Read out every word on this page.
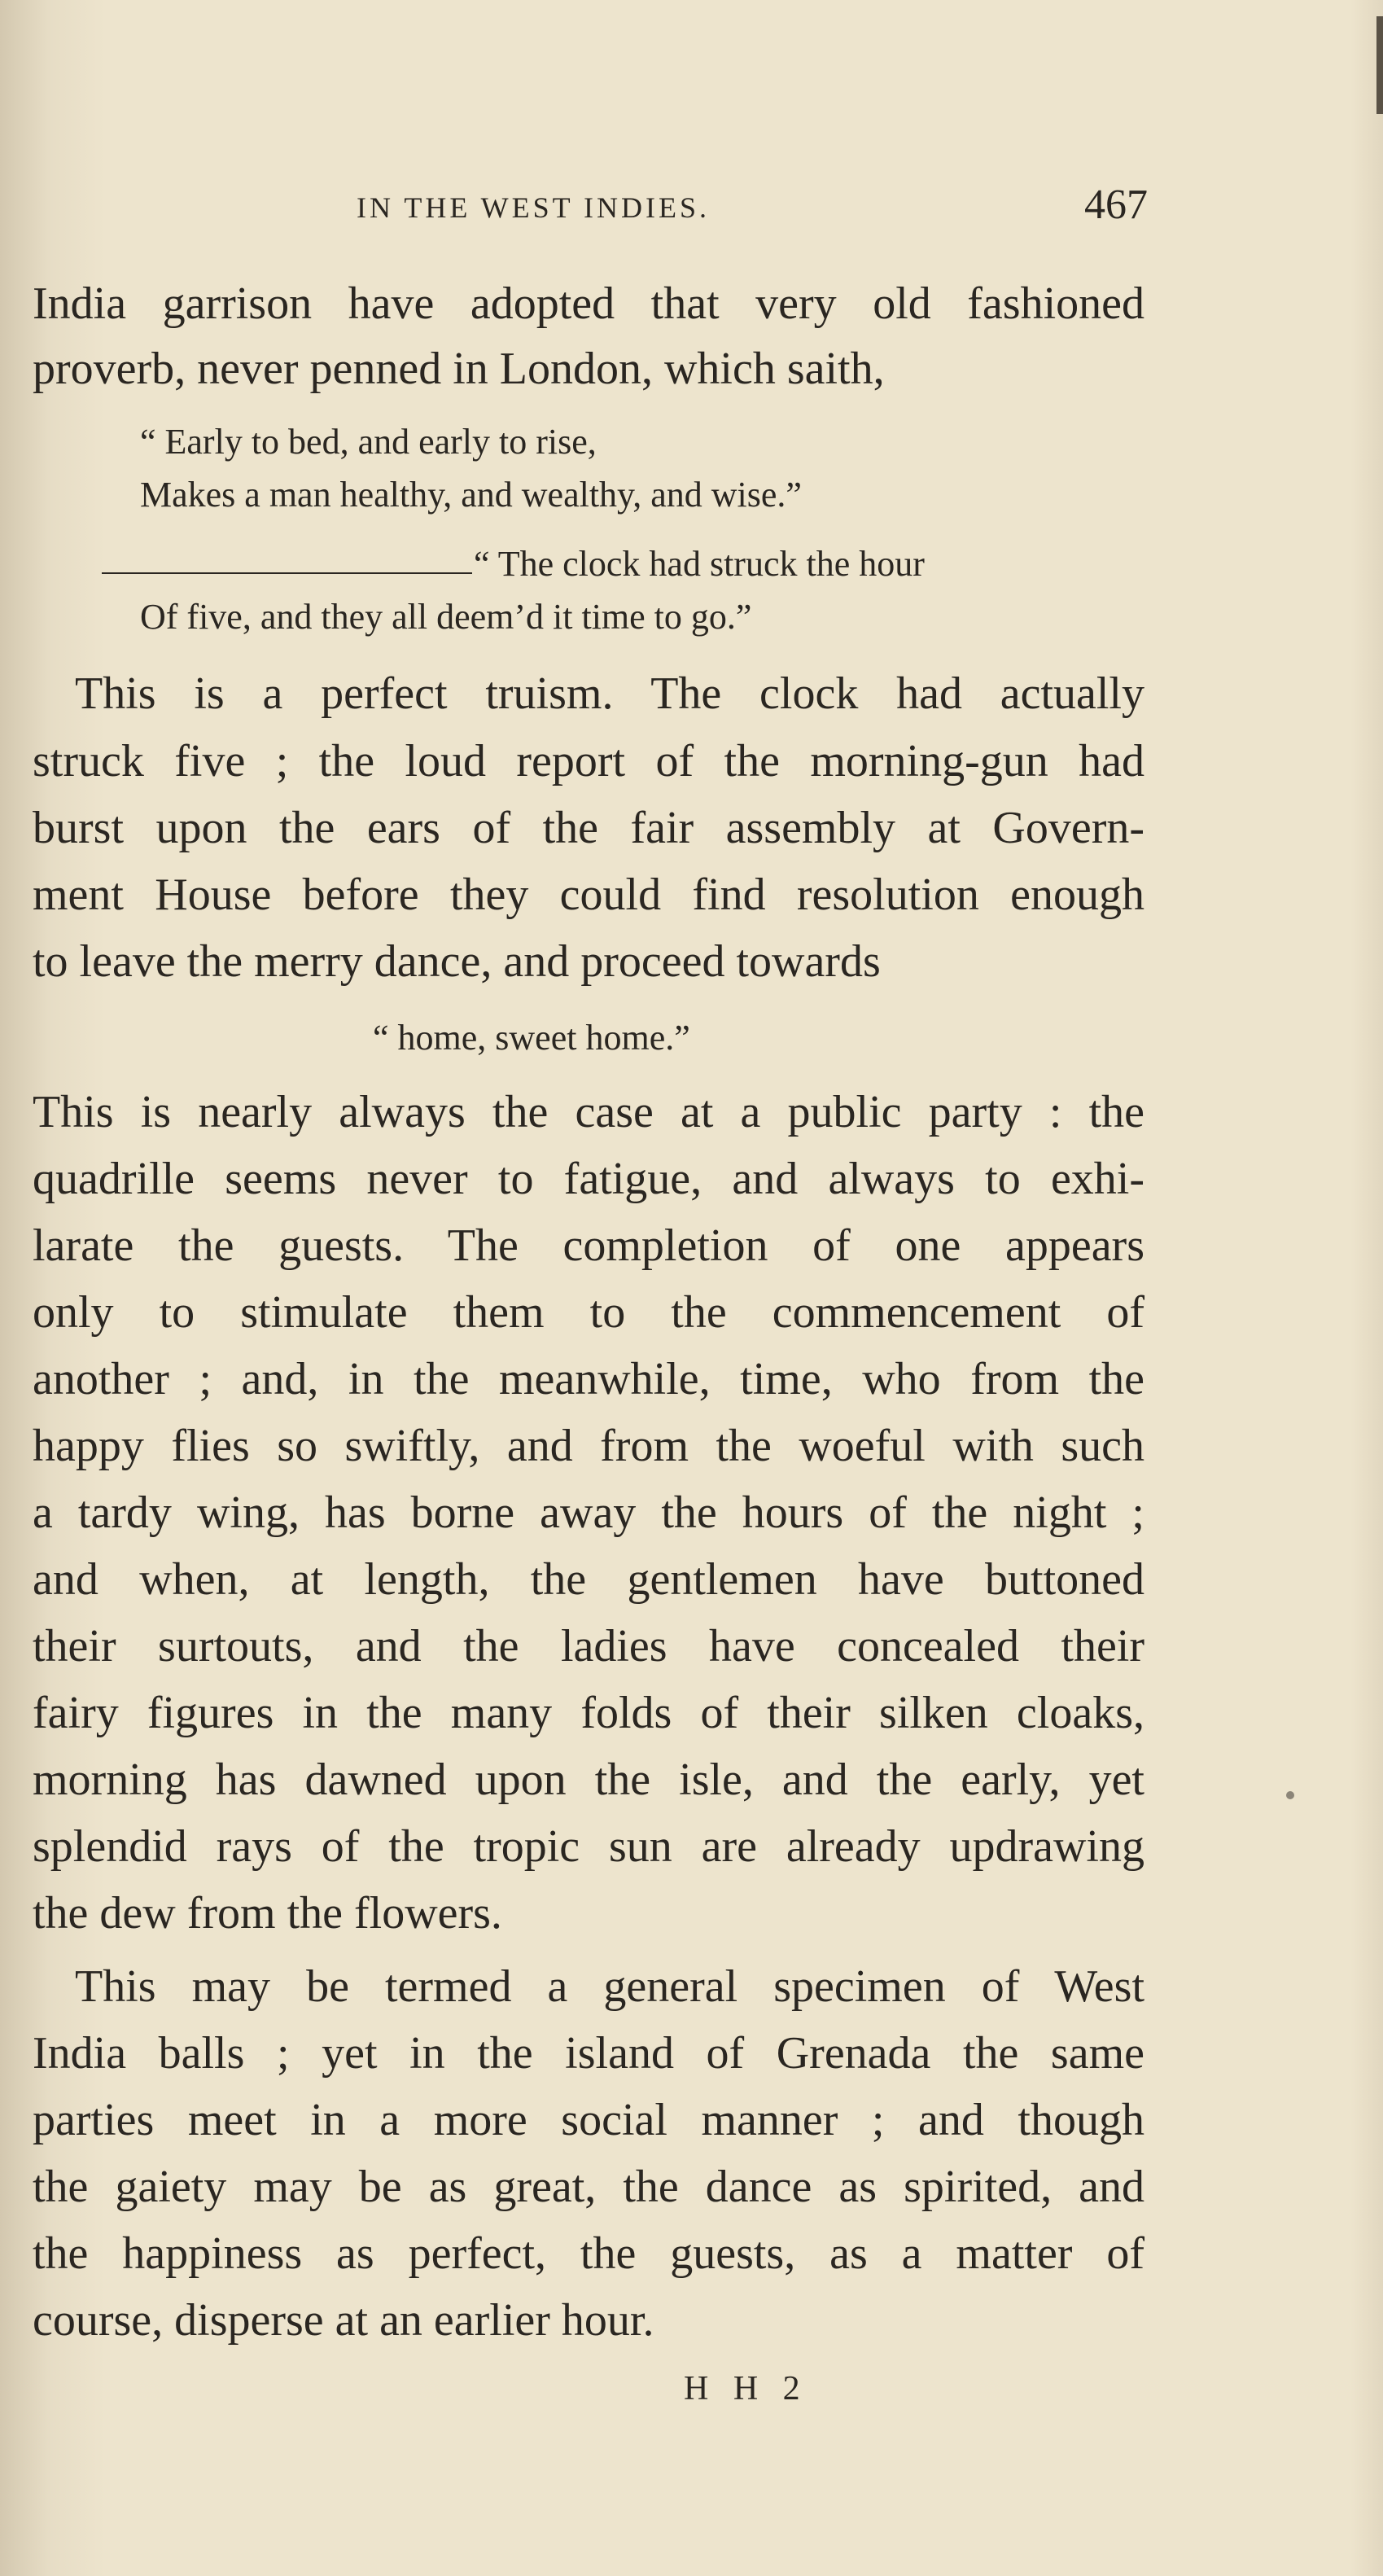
IN THE WEST INDIES.	467
India garrison have adopted that very old fashioned
proverb, never penned in London, which saith,
“ Early to bed, and early to rise,
Makes a man healthy, and wealthy, and wise.”
“ The clock had struck the hour
Of five, and they all deem’d it time to go.”
This is a perfect truism. The clock had actually
struck five ; the loud report of the morning-gun had
burst upon the ears of the fair assembly at Govern-
ment House before they could find resolution enough
to leave the merry dance, and proceed towards
“ home, sweet home.”
This is nearly always the case at a public party : the
quadrille seems never to fatigue, and always to exhi-
larate the guests. The completion of one appears
only to stimulate them to the commencement of
another ; and, in the meanwhile, time, who from the
happy flies so swiftly, and from the woeful with such
a tardy wing, has borne away the hours of the night ;
and when, at length, the gentlemen have buttoned
their surtouts, and the ladies have concealed their
fairy figures in the many folds of their silken cloaks,
morning has dawned upon the isle, and the early, yet
splendid rays of the tropic sun are already updrawing
the dew from the flowers.
This may be termed a general specimen of West
India balls ; yet in the island of Grenada the same
parties meet in a more social manner ; and though
the gaiety may be as great, the dance as spirited, and
the happiness as perfect, the guests, as a matter of
course, disperse at an earlier hour.
H H 2
